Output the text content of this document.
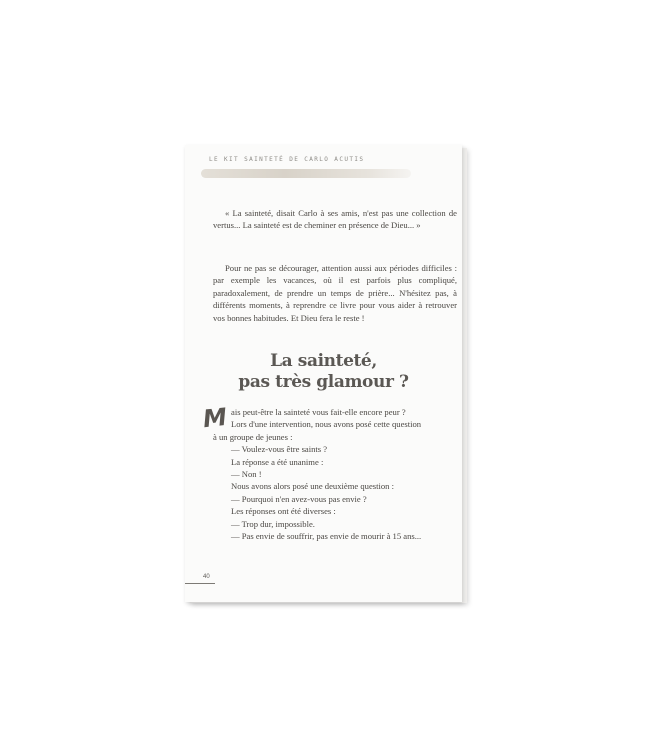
LE KIT SAINTETÉ DE CARLO ACUTIS

« La sainteté, disait Carlo à ses amis, n'est pas une collection de vertus... La sainteté est de cheminer en présence de Dieu... »

Pour ne pas se décourager, attention aussi aux périodes difficiles : par exemple les vacances, où il est parfois plus compliqué, paradoxalement, de prendre un temps de prière... N'hésitez pas, à différents moments, à reprendre ce livre pour vous aider à retrouver vos bonnes habitudes. Et Dieu fera le reste !

La sainteté,
pas très glamour ?
M ais peut-être la sainteté vous fait-elle encore peur ?
Lors d'une intervention, nous avons posé cette question
à un groupe de jeunes :
— Voulez-vous être saints ?
La réponse a été unanime :
— Non !
Nous avons alors posé une deuxième question :
— Pourquoi n'en avez-vous pas envie ?
Les réponses ont été diverses :
— Trop dur, impossible.
— Pas envie de souffrir, pas envie de mourir à 15 ans...
40
